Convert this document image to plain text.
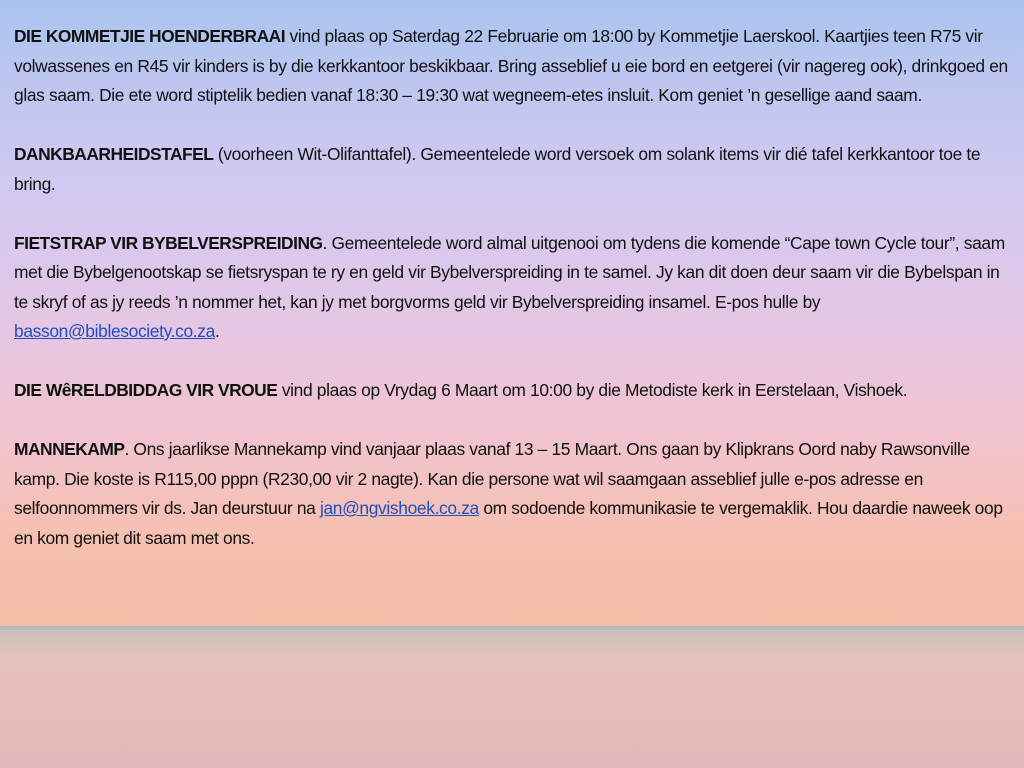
DIE KOMMETJIE HOENDERBRAAI vind plaas op Saterdag 22 Februarie om 18:00 by Kommetjie Laerskool. Kaartjies teen R75 vir volwassenes en R45 vir kinders is by die kerkkantoor beskikbaar. Bring asseblief u eie bord en eetgerei (vir nagereg ook), drinkgoed en glas saam. Die ete word stiptelik bedien vanaf 18:30 – 19:30 wat wegneem-etes insluit. Kom geniet ’n gesellige aand saam.

DANKBAARHEIDSTAFEL (voorheen Wit-Olifanttafel). Gemeentelede word versoek om solank items vir dié tafel kerkkantoor toe te bring.

FIETSTRAP VIR BYBELVERSPREIDING. Gemeentelede word almal uitgenooi om tydens die komende “Cape town Cycle tour”, saam met die Bybelgenootskap se fietsryspan te ry en geld vir Bybelverspreiding in te samel. Jy kan dit doen deur saam vir die Bybelspan in te skryf of as jy reeds ’n nommer het, kan jy met borgvorms geld vir Bybelverspreiding insamel. E-pos hulle by basson@biblesociety.co.za.

DIE WêRELDBIDDAG VIR VROUE vind plaas op Vrydag 6 Maart om 10:00 by die Metodiste kerk in Eerstelaan, Vishoek.

MANNEKAMP. Ons jaarlikse Mannekamp vind vanjaar plaas vanaf 13 – 15 Maart. Ons gaan by Klipkrans Oord naby Rawsonville kamp. Die koste is R115,00 pppn (R230,00 vir 2 nagte). Kan die persone wat wil saamgaan asseblief julle e-pos adresse en selfoonnommers vir ds. Jan deurstuur na jan@ngvishoek.co.za om sodoende kommunikasie te vergemaklik. Hou daardie naweek oop en kom geniet dit saam met ons.
